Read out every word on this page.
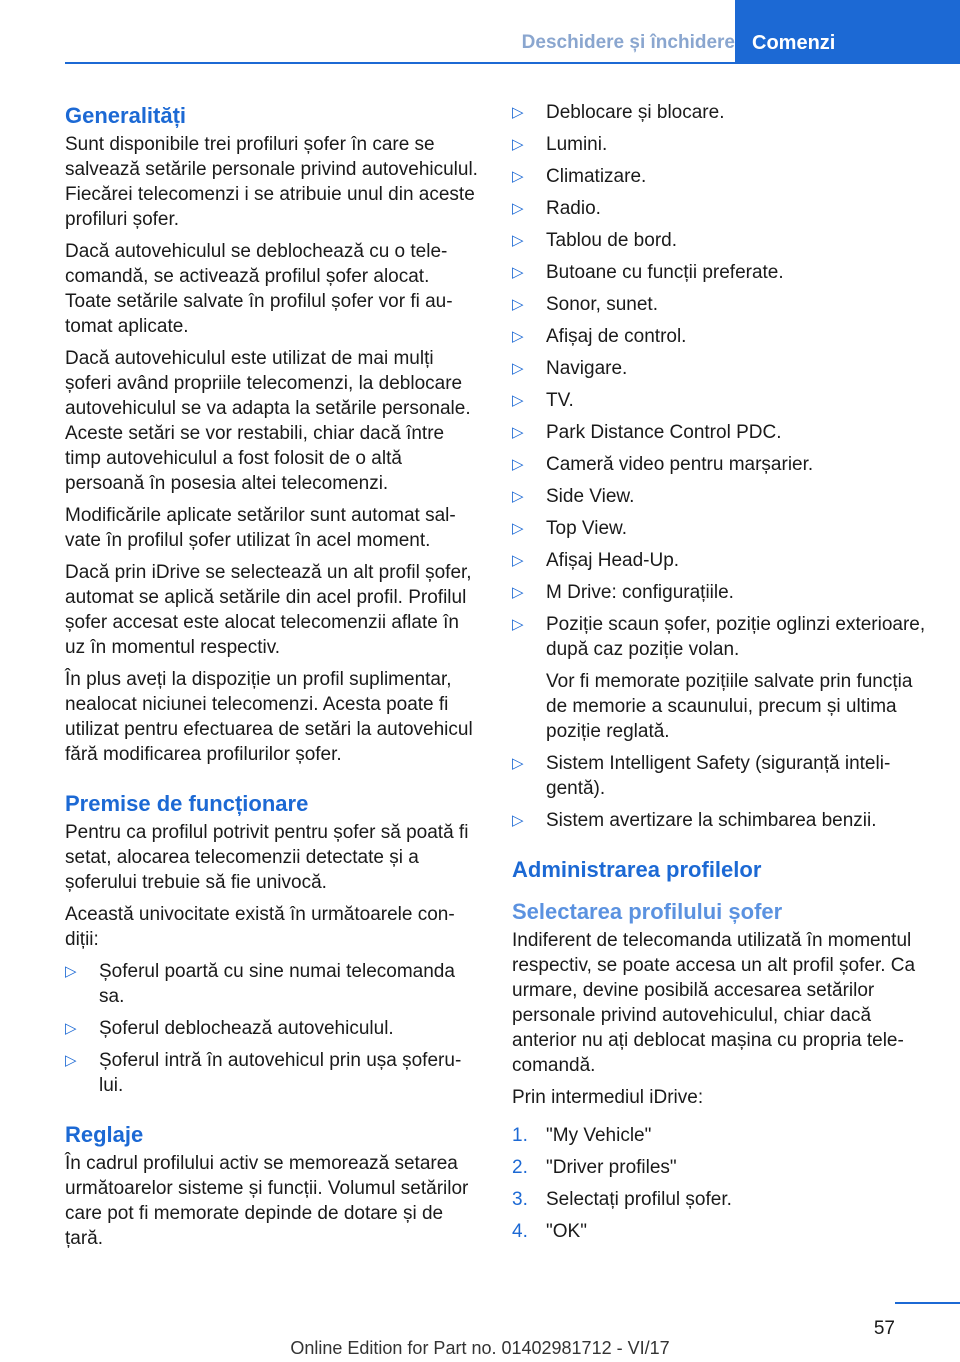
Deschidere și închidere Comenzi
Generalități

Sunt disponibile trei profiluri șofer în care se salvează setările personale privind autovehiculul. Fiecărei telecomenzi i se atribuie unul din aceste profiluri șofer.

Dacă autovehiculul se deblochează cu o telecomandă, se activează profilul șofer alocat. Toate setările salvate în profilul șofer vor fi automat aplicate.

Dacă autovehiculul este utilizat de mai mulți șoferi având propriile telecomenzi, la deblocare autovehiculul se va adapta la setările personale. Aceste setări se vor restabili, chiar dacă între timp autovehiculul a fost folosit de o altă persoană în posesia altei telecomenzi.

Modificările aplicate setărilor sunt automat salvate în profilul șofer utilizat în acel moment.

Dacă prin iDrive se selectează un alt profil șofer, automat se aplică setările din acel profil. Profilul șofer accesat este alocat telecomenzii aflate în uz în momentul respectiv.

În plus aveți la dispoziție un profil suplimentar, nealocat niciunei telecomenzi. Acesta poate fi utilizat pentru efectuarea de setări la autovehicul fără modificarea profilurilor șofer.

Premise de funcționare

Pentru ca profilul potrivit pentru șofer să poată fi setat, alocarea telecomenzii detectate și a șoferului trebuie să fie univocă.

Această univocitate există în următoarele condiții:

▷ Șoferul poartă cu sine numai telecomanda sa.
▷ Șoferul deblochează autovehiculul.
▷ Șoferul intră în autovehicul prin ușa șoferului.
Reglaje

În cadrul profilului activ se memorează setarea următoarelor sisteme și funcții. Volumul setărilor care pot fi memorate depinde de dotare și de țară.

▷ Deblocare și blocare.
▷ Lumini.
▷ Climatizare.
▷ Radio.
▷ Tablou de bord.
▷ Butoane cu funcții preferate.
▷ Sonor, sunet.
▷ Afișaj de control.
▷ Navigare.
▷ TV.
▷ Park Distance Control PDC.
▷ Cameră video pentru marșarier.
▷ Side View.
▷ Top View.
▷ Afișaj Head-Up.
▷ M Drive: configurațiile.
▷ Poziție scaun șofer, poziție oglinzi exterioare, după caz poziție volan.
Vor fi memorate pozițiile salvate prin funcția de memorie a scaunului, precum și ultima poziție reglată.
▷ Sistem Intelligent Safety (siguranță inteligentă).
▷ Sistem avertizare la schimbarea benzii.
Administrarea profilelor
Selectarea profilului șofer

Indiferent de telecomanda utilizată în momentul respectiv, se poate accesa un alt profil șofer. Ca urmare, devine posibilă accesarea setărilor personale privind autovehiculul, chiar dacă anterior nu ați deblocat mașina cu propria telecomandă.

Prin intermediul iDrive:

1. "My Vehicle"
2. "Driver profiles"
3. Selectați profilul șofer.
4. "OK"
57
Online Edition for Part no. 01402981712 - VI/17
